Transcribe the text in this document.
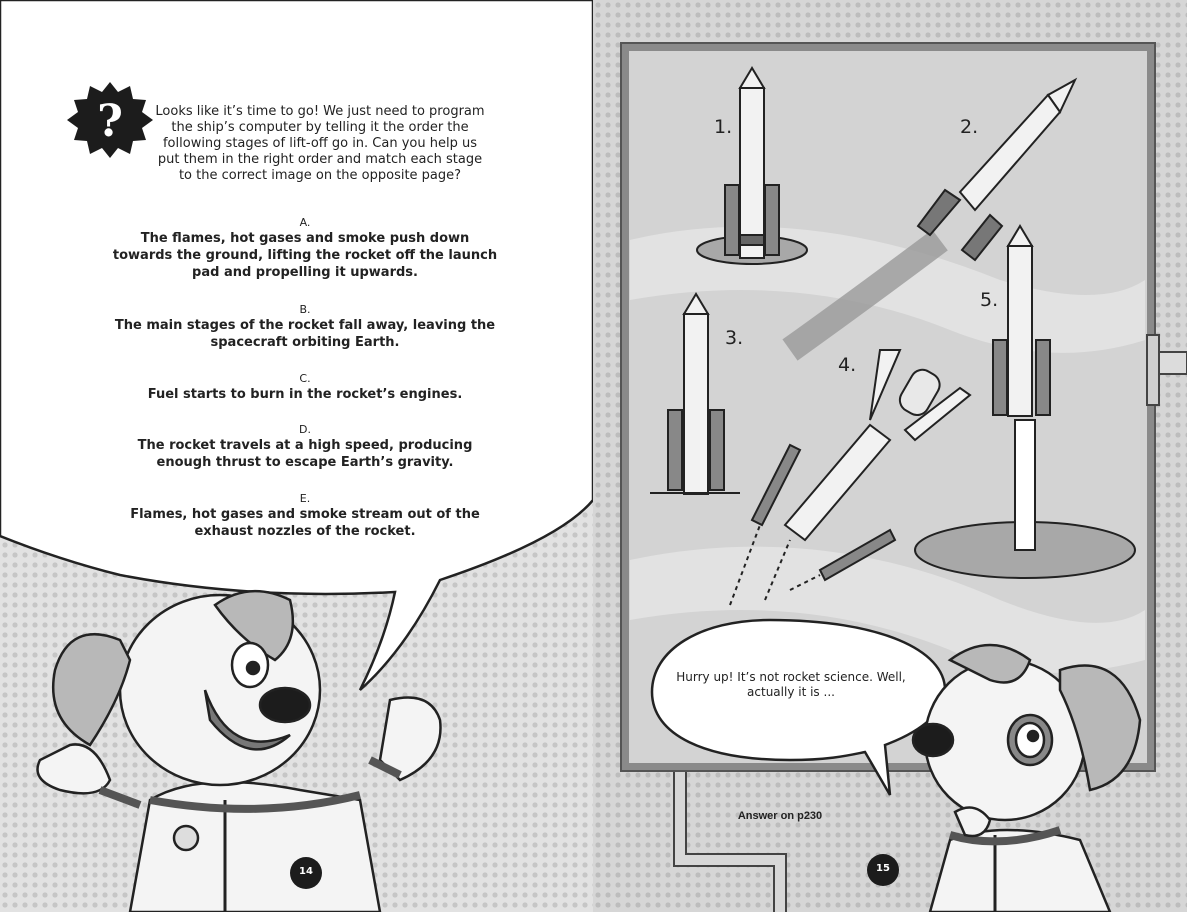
?	Looks like it’s time to go! We just need to program the ship’s computer by telling it the order the following stages of lift-off go in. Can you help us put them in the right order and match each stage to the correct image on the opposite page?
A.
The flames, hot gases and smoke push down towards the ground, lifting the rocket off the launch pad and propelling it upwards.
B.
The main stages of the rocket fall away, leaving the spacecraft orbiting Earth.
C.
Fuel starts to burn in the rocket’s engines.
D.
The rocket travels at a high speed, producing enough thrust to escape Earth’s gravity.
E.
Flames, hot gases and smoke stream out of the exhaust nozzles of the rocket.
14
1.	2.
3.
4.
5.
Hurry up! It’s not rocket science. Well, actually it is ...
Answer on p230
15
